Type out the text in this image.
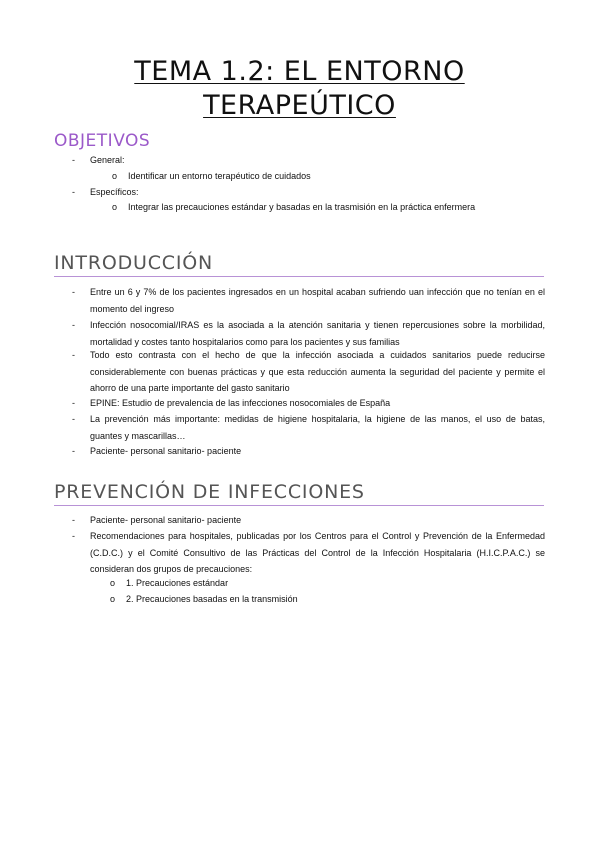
TEMA 1.2: EL ENTORNO
TERAPEÚTICO
OBJETIVOS
- General:
o Identificar un entorno terapéutico de cuidados
- Específicos:
o Integrar las precauciones estándar y basadas en la trasmisión en la práctica enfermera
INTRODUCCIÓN
- Entre un 6 y 7% de los pacientes ingresados en un hospital acaban sufriendo uan infección que no tenían en el momento del ingreso
- Infección nosocomial/IRAS es la asociada a la atención sanitaria y tienen repercusiones sobre la morbilidad, mortalidad y costes tanto hospitalarios como para los pacientes y sus familias
- Todo esto contrasta con el hecho de que la infección asociada a cuidados sanitarios puede reducirse considerablemente con buenas prácticas y que esta reducción aumenta la seguridad del paciente y permite el ahorro de una parte importante del gasto sanitario
- EPINE: Estudio de prevalencia de las infecciones nosocomiales de España
- La prevención más importante: medidas de higiene hospitalaria, la higiene de las manos, el uso de batas, guantes y mascarillas…
- Paciente- personal sanitario- paciente
PREVENCIÓN DE INFECCIONES
- Paciente- personal sanitario- paciente
- Recomendaciones para hospitales, publicadas por los Centros para el Control y Prevención de la Enfermedad (C.D.C.) y el Comité Consultivo de las Prácticas del Control de la Infección Hospitalaria (H.I.C.P.A.C.) se consideran dos grupos de precauciones:
o 1. Precauciones estándar
o 2. Precauciones basadas en la transmisión
